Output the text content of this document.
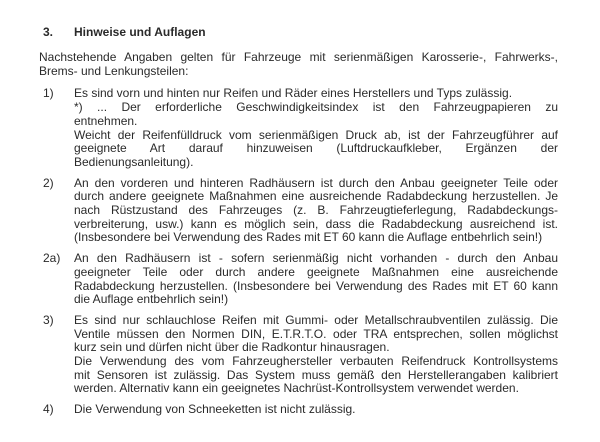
3.	Hinweise und Auflagen
Nachstehende Angaben gelten für Fahrzeuge mit serienmäßigen Karosserie-, Fahrwerks-,
Brems- und Lenkungsteilen:
1)	Es sind vorn und hinten nur Reifen und Räder eines Herstellers und Typs zulässig.
*) ... Der erforderliche Geschwindigkeitsindex ist den Fahrzeugpapieren zu
entnehmen.
Weicht der Reifenfülldruck vom serienmäßigen Druck ab, ist der Fahrzeugführer auf
geeignete Art darauf hinzuweisen (Luftdruckaufkleber, Ergänzen der
Bedienungsanleitung).
2)	An den vorderen und hinteren Radhäusern ist durch den Anbau geeigneter Teile oder
durch andere geeignete Maßnahmen eine ausreichende Radabdeckung herzustellen. Je
nach Rüstzustand des Fahrzeuges (z. B. Fahrzeugtieferlegung, Radabdeckungs-
verbreiterung, usw.) kann es möglich sein, dass die Radabdeckung ausreichend ist.
(Insbesondere bei Verwendung des Rades mit ET 60 kann die Auflage entbehrlich sein!)
2a)	An den Radhäusern ist - sofern serienmäßig nicht vorhanden - durch den Anbau
geeigneter Teile oder durch andere geeignete Maßnahmen eine ausreichende
Radabdeckung herzustellen. (Insbesondere bei Verwendung des Rades mit ET 60 kann
die Auflage entbehrlich sein!)
3)	Es sind nur schlauchlose Reifen mit Gummi- oder Metallschraubventilen zulässig. Die
Ventile müssen den Normen DIN, E.T.R.T.O. oder TRA entsprechen, sollen möglichst
kurz sein und dürfen nicht über die Radkontur hinausragen.
Die Verwendung des vom Fahrzeughersteller verbauten Reifendruck Kontrollsystems
mit Sensoren ist zulässig. Das System muss gemäß den Herstellerangaben kalibriert
werden. Alternativ kann ein geeignetes Nachrüst-Kontrollsystem verwendet werden.
4)	Die Verwendung von Schneeketten ist nicht zulässig.
